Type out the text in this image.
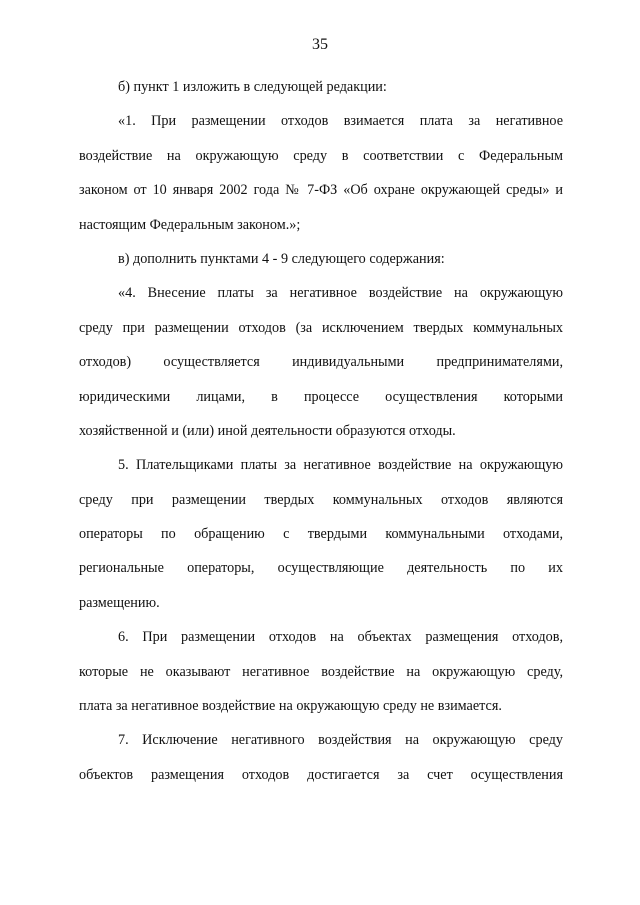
35
б) пункт 1 изложить в следующей редакции:
«1. При размещении отходов взимается плата за негативное
воздействие на окружающую среду в соответствии с Федеральным
законом от 10 января 2002 года № 7-ФЗ «Об охране окружающей среды» и
настоящим Федеральным законом.»;
в) дополнить пунктами 4 - 9 следующего содержания:
«4. Внесение платы за негативное воздействие на окружающую
среду при размещении отходов (за исключением твердых коммунальных
отходов) осуществляется индивидуальными предпринимателями,
юридическими лицами, в процессе осуществления которыми
хозяйственной и (или) иной деятельности образуются отходы.
5. Плательщиками платы за негативное воздействие на окружающую
среду при размещении твердых коммунальных отходов являются
операторы по обращению с твердыми коммунальными отходами,
региональные операторы, осуществляющие деятельность по их
размещению.
6. При размещении отходов на объектах размещения отходов,
которые не оказывают негативное воздействие на окружающую среду,
плата за негативное воздействие на окружающую среду не взимается.
7. Исключение негативного воздействия на окружающую среду
объектов размещения отходов достигается за счет осуществления
